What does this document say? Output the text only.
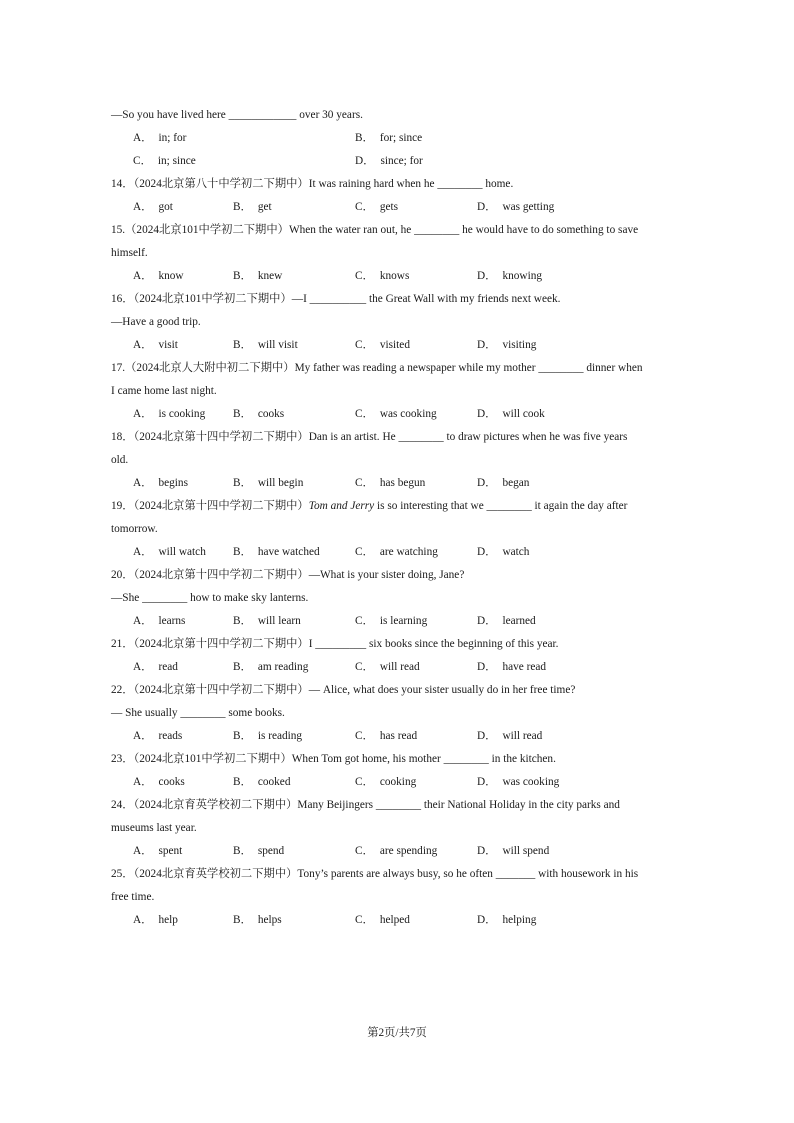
—So you have lived here ____________ over 30 years.
A． in; for	B． for; since
C． in; since	D． since; for
14．（2024北京第八十中学初二下期中）It was raining hard when he ________ home.
A． got	B． get	C． gets	D． was getting
15.（2024北京101中学初二下期中）When the water ran out, he ________ he would have to do something to save
himself.
A． know	B． knew	C． knows	D． knowing
16．（2024北京101中学初二下期中）—I __________ the Great Wall with my friends next week.
—Have a good trip.
A． visit	B． will visit	C． visited	D． visiting
17.（2024北京人大附中初二下期中）My father was reading a newspaper while my mother ________ dinner when
I came home last night.
A． is cooking B． cooks	C． was cooking	D． will cook
18．（2024北京第十四中学初二下期中）Dan is an artist. He ________ to draw pictures when he was five years
old.
A． begins	B． will begin	C． has begun	D． began
19．（2024北京第十四中学初二下期中）Tom and Jerry is so interesting that we ________ it again the day after
tomorrow.
A． will watch B． have watched	C． are watching	D． watch
20．（2024北京第十四中学初二下期中）—What is your sister doing, Jane?
—She ________ how to make sky lanterns.
A． learns	B． will learn	C． is learning	D． learned
21．（2024北京第十四中学初二下期中）I _________ six books since the beginning of this year.
A． read	B． am reading	C． will read	D． have read
22．（2024北京第十四中学初二下期中）— Alice, what does your sister usually do in her free time?
— She usually ________ some books.
A． reads	B． is reading	C． has read	D． will read
23．（2024北京101中学初二下期中）When Tom got home, his mother ________ in the kitchen.
A． cooks	B． cooked	C． cooking	D． was cooking
24．（2024北京育英学校初二下期中）Many Beijingers ________ their National Holiday in the city parks and
museums last year.
A． spent	B． spend	C． are spending	D． will spend
25．（2024北京育英学校初二下期中）Tony’s parents are always busy, so he often _______ with housework in his
free time.
A． help	B． helps	C． helped	D． helping
第2页/共7页
